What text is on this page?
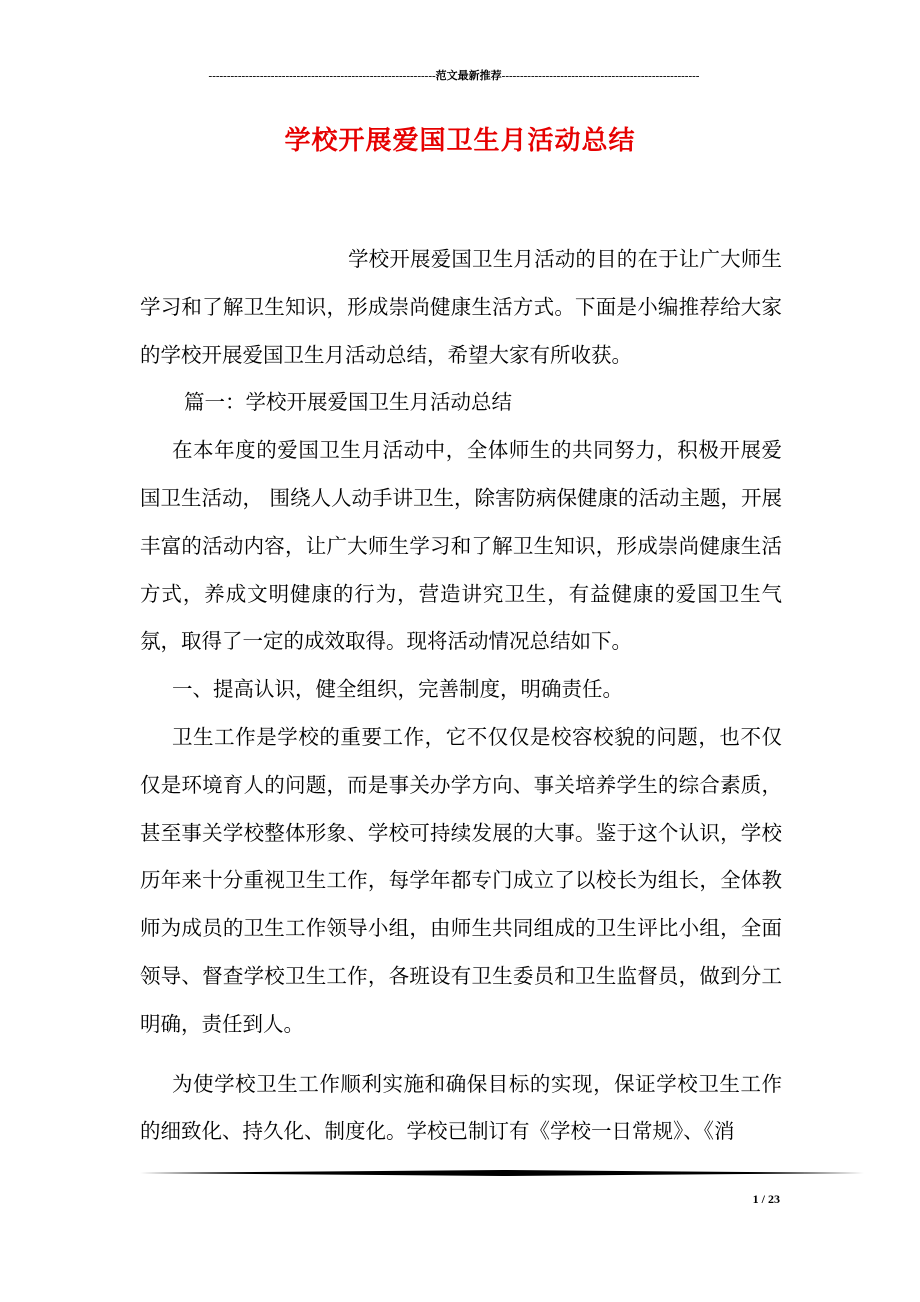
--------------------------------------------------------------范文最新推荐------------------------------------------------------
学校开展爱国卫生月活动总结

学校开展爱国卫生月活动的目的在于让广大师生学习和了解卫生知识，形成崇尚健康生活方式。下面是小编推荐给大家的学校开展爱国卫生月活动总结，希望大家有所收获。

篇一：学校开展爱国卫生月活动总结

在本年度的爱国卫生月活动中，全体师生的共同努力，积极开展爱国卫生活动， 围绕人人动手讲卫生，除害防病保健康的活动主题，开展丰富的活动内容，让广大师生学习和了解卫生知识，形成崇尚健康生活方式，养成文明健康的行为，营造讲究卫生，有益健康的爱国卫生气氛，取得了一定的成效取得。现将活动情况总结如下。

一、提高认识，健全组织，完善制度，明确责任。

卫生工作是学校的重要工作，它不仅仅是校容校貌的问题，也不仅仅是环境育人的问题，而是事关办学方向、事关培养学生的综合素质，甚至事关学校整体形象、学校可持续发展的大事。鉴于这个认识，学校历年来十分重视卫生工作，每学年都专门成立了以校长为组长，全体教师为成员的卫生工作领导小组，由师生共同组成的卫生评比小组，全面领导、督查学校卫生工作，各班设有卫生委员和卫生监督员，做到分工明确，责任到人。

为使学校卫生工作顺利实施和确保目标的实现，保证学校卫生工作的细致化、持久化、制度化。学校已制订有《学校一日常规》、《消

1 / 23
